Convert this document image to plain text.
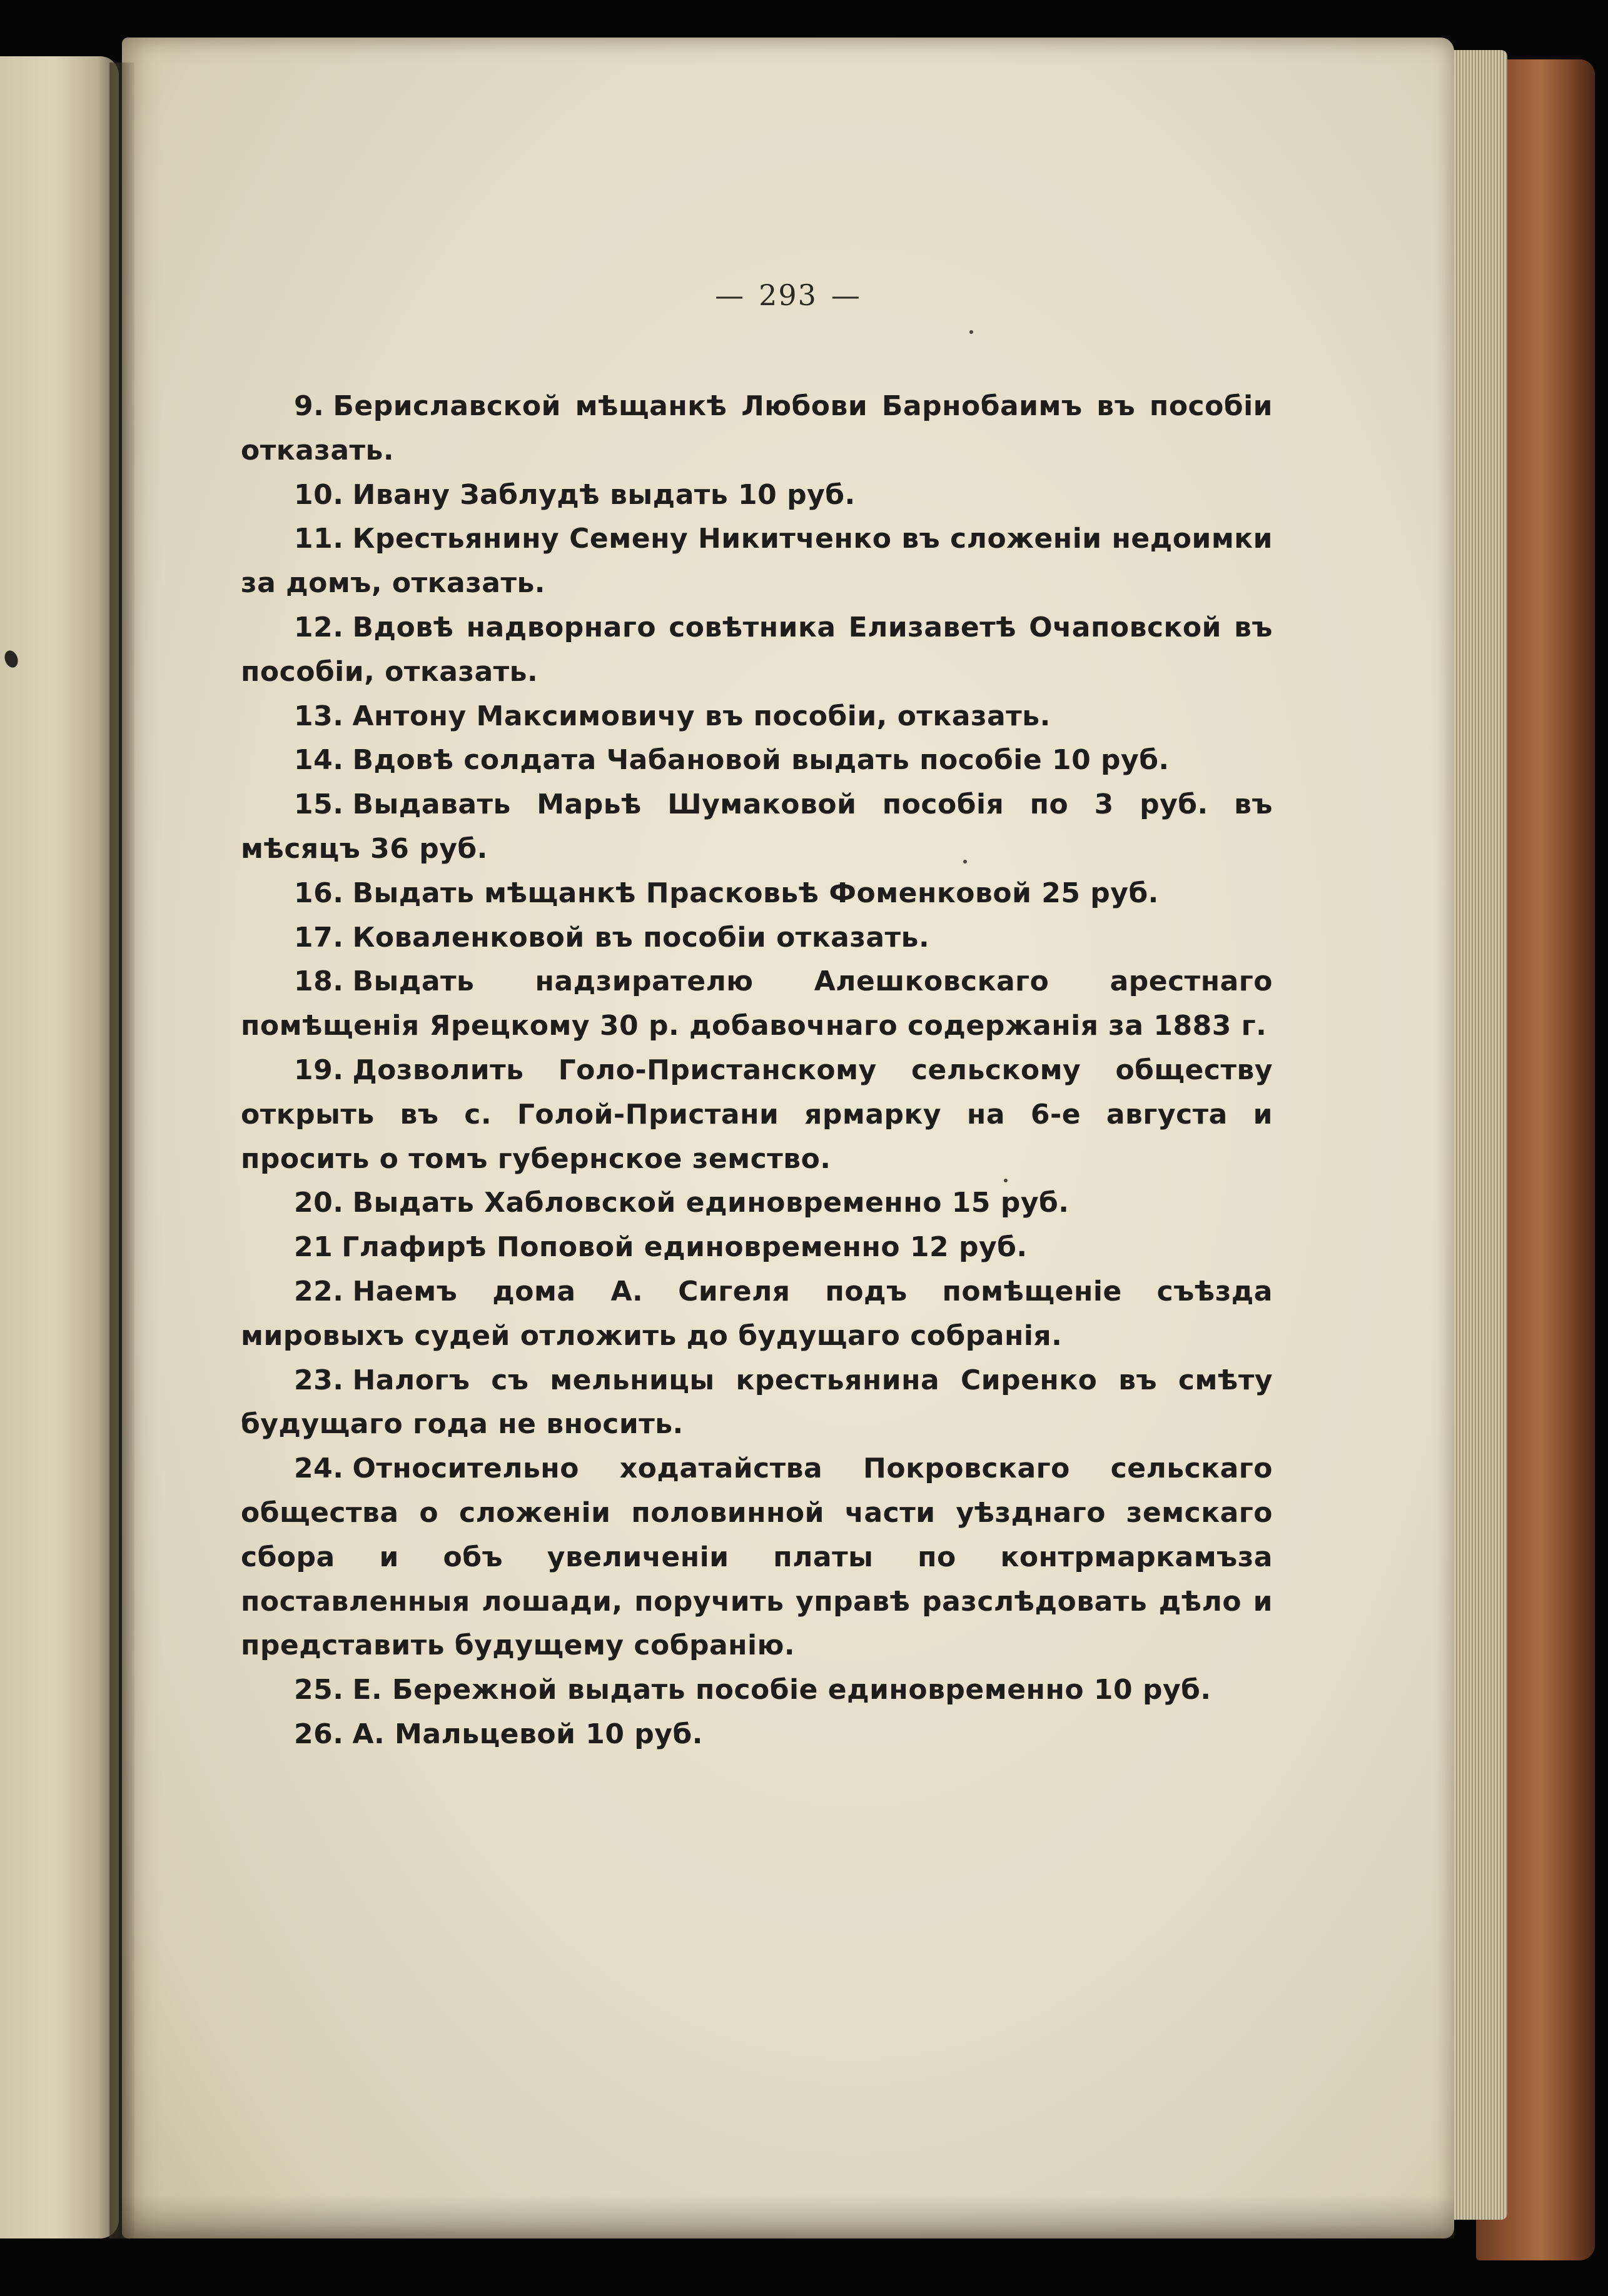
— 293 —

9. Бериславской мѣщанкѣ Любови Барнобаимъ въ пособіи отказать.

10. Ивану Заблудѣ выдать 10 руб.

11. Крестьянину Семену Никитченко въ сложеніи недоимки за домъ, отказать.

12. Вдовѣ надворнаго совѣтника Елизаветѣ Очаповской въ пособіи, отказать.

13. Антону Максимовичу въ пособіи, отказать.

14. Вдовѣ солдата Чабановой выдать пособіе 10 руб.

15. Выдавать Марьѣ Шумаковой пособія по 3 руб. въ мѣсяцъ 36 руб.

16. Выдать мѣщанкѣ Прасковьѣ Фоменковой 25 руб.

17. Коваленковой въ пособіи отказать.

18. Выдать надзирателю Алешковскаго арестнаго помѣщенія Ярецкому 30 р. добавочнаго содержанія за 1883 г.

19. Дозволить Голо-Пристанскому сельскому обществу открыть въ с. Голой-Пристани ярмарку на 6-е августа и просить о томъ губернское земство.

20. Выдать Хабловской единовременно 15 руб.

21 Глафирѣ Поповой единовременно 12 руб.

22. Наемъ дома А. Сигеля подъ помѣщеніе съѣзда мировыхъ судей отложить до будущаго собранія.

23. Налогъ съ мельницы крестьянина Сиренко въ смѣту будущаго года не вносить.

24. Относительно ходатайства Покровскаго сельскаго общества о сложеніи половинной части уѣзднаго земскаго сбора и объ увеличеніи платы по контрмаркамъза поставленныя лошади, поручить управѣ разслѣдовать дѣло и представить будущему собранію.

25. Е. Бережной выдать пособіе единовременно 10 руб.

26. А. Мальцевой 10 руб.
